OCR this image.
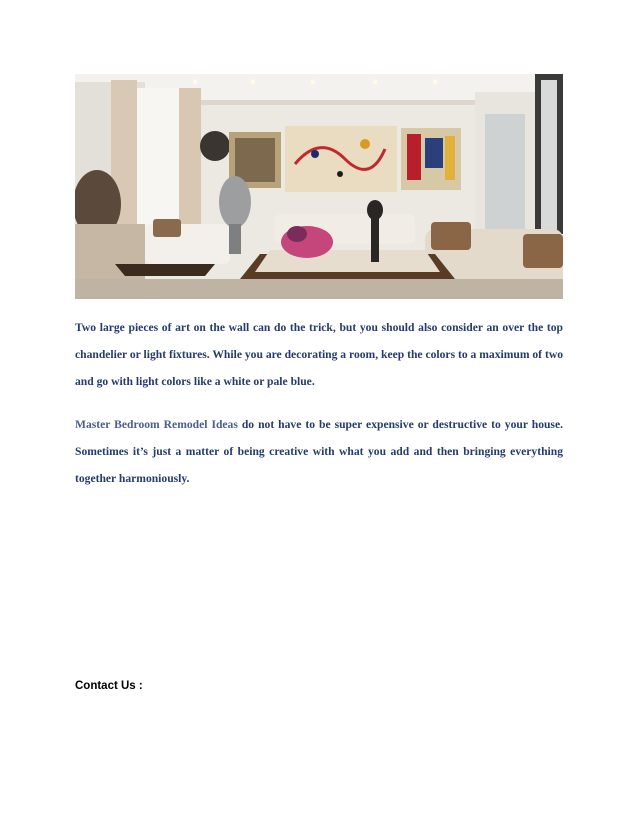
Two large pieces of art on the wall can do the trick, but you should also consider an over the top chandelier or light fixtures. While you are decorating a room, keep the colors to a maximum of two and go with light colors like a white or pale blue.

Master Bedroom Remodel Ideas do not have to be super expensive or destructive to your house. Sometimes it’s just a matter of being creative with what you add and then bringing everything together harmoniously.

Contact Us :
